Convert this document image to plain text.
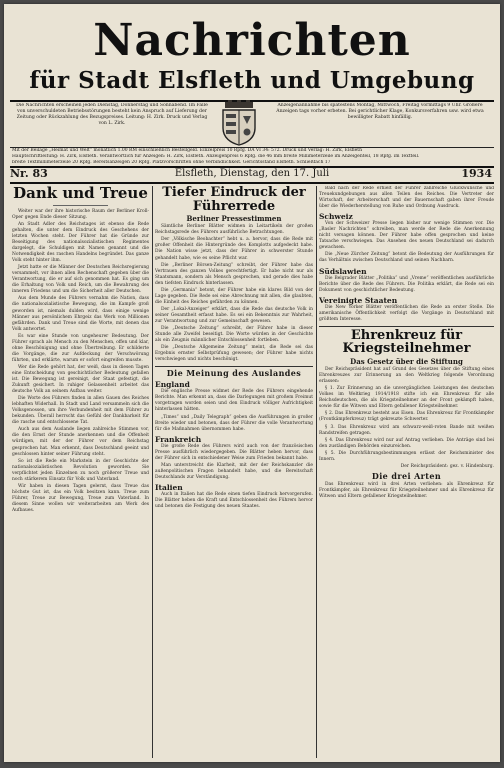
Nachrichten
für Stadt Elsfleth und Umgebung
Die Nachrichten erscheinen jeden Dienstag, Donnerstag und Sonnabend. Im Falle von unverschuldeten Betriebsstörungen besteht kein Anspruch auf Lieferung der Zeitung oder Rückzahlung des Bezugspreises. Leitung: H. Zirk. Druck und Verlag von L. Zirk.
Anzeigenannahme bis spätestens Montag, Mittwoch, Freitag vormittags 9 Uhr. Größere Anzeigen tags vorher erbeten. Bei gerichtlicher Klage, Konkursverfahren usw. wird etwa bewilligter Rabatt hinfällig.
Mit der Beilage „Heimat und Welt“ monatlich 1.00 RM einschließlich Bestellgeld. Einzelpreis 10 Rpfg. DA VI 34: 572. Druck und Verlag: H. Zirk, Elsfleth
Hauptschriftleitung: H. Zirk, Elsfleth. Verantwortlich für Anzeigen: H. Zirk, Elsfleth. Anzeigenpreis 6 Rpfg. die 46 mm breite Millimeterzeile im Anzeigenteil, 18 Rpfg. im Textteil.
breite Textmillimeterzeile 20 Rpfg. Bereitsanzeigen 20 Rpfg. Platzvorschriften ohne Verbindlichkeit. Gerichtsstand Elsfleth. Schließfach 17
Elsfleth, Dienstag, den 17. Juli
Nr. 83	1934
Dank und Treue

Weiter war der ihre historische Raum der Berliner Kroll-Oper gegen Ende dieser Sitzung.

An Stadt Adler des Reichstages ist ebenso die Rede gehalten, die unter dem Eindruck des Geschehens der letzten Wochen steht. Der Führer hat die Gründe zur Beseitigung des nationalsozialistischen Regimentes dargelegt, die Schuldigen mit Namen genannt und die Notwendigkeit des raschen Handelns begründet. Das ganze Volk steht hinter ihm.

Jetzt hatte er die Männer der Deutschen Reichsregierung versammelt, vor ihnen allen Rechenschaft gegeben über die Verantwortung, die er auf sich genommen hat. Es ging um die Erhaltung von Volk und Reich, um die Bewahrung des inneren Friedens und um die Sicherheit aller Deutschen.

Aus dem Munde des Führers vernahm die Nation, dass die nationalsozialistische Bewegung, die im Kampfe groß geworden ist, niemals dulden wird, dass einige wenige Männer aus persönlichem Ehrgeiz das Werk von Millionen gefährden. Dank und Treue sind die Worte, mit denen das Volk antwortet.

Es war eine Stunde von ungeheurer Bedeutung. Der Führer sprach als Mensch zu den Menschen, offen und klar, ohne Beschönigung und ohne Übertreibung. Er schilderte die Vorgänge, die zur Aufdeckung der Verschwörung führten, und erklärte, warum er sofort eingreifen musste.

Wer die Rede gehört hat, der weiß, dass in diesen Tagen eine Entscheidung von geschichtlicher Bedeutung gefallen ist. Die Bewegung ist gereinigt, der Staat gefestigt, die Zukunft gesichert. In ruhiger Gelassenheit arbeitet das deutsche Volk an seinem Aufbau weiter.

Die Worte des Führers finden in allen Gauen des Reiches lebhaften Widerhall. In Stadt und Land versammeln sich die Volksgenossen, um ihre Verbundenheit mit dem Führer zu bekunden. Überall herrscht das Gefühl der Dankbarkeit für die rasche und entschlossene Tat.

Auch aus dem Auslande liegen zahlreiche Stimmen vor, die den Ernst der Stunde anerkennen und die Offenheit würdigen, mit der der Führer vor dem Reichstag gesprochen hat. Man erkennt, dass Deutschland geeint und geschlossen hinter seiner Führung steht.

So ist die Rede ein Markstein in der Geschichte der nationalsozialistischen Revolution geworden. Sie verpflichtet jeden Einzelnen zu noch größerer Treue und noch stärkerem Einsatz für Volk und Vaterland.

Wir haben in diesen Tagen gelernt, dass Treue das höchste Gut ist, das ein Volk besitzen kann. Treue zum Führer, Treue zur Bewegung, Treue zum Vaterland. In diesem Sinne wollen wir weiterarbeiten am Werk des Aufbaues.

Tiefer Eindruck der Führerrede
Berliner Pressestimmen

Sämtliche Berliner Blätter widmen in Leitartikeln der großen Reichstagsrede des Führers ausführliche Betrachtungen.

Der „Völkische Beobachter“ hebt u. a. hervor, dass die Rede mit großer Offenheit die Hintergründe des Komplotts aufgedeckt habe. Die Nation wisse jetzt, dass der Führer in schwerster Stunde gehandelt habe, wie es seine Pflicht war.

Die „Berliner Börsen-Zeitung“ schreibt, der Führer habe das Vertrauen des ganzen Volkes gerechtfertigt. Er habe nicht nur als Staatsmann, sondern als Mensch gesprochen, und gerade dies habe den tiefsten Eindruck hinterlassen.

Die „Germania“ betont, der Führer habe ein klares Bild von der Lage gegeben. Die Rede sei eine Abrechnung mit allen, die glaubten, die Einheit des Reiches gefährden zu können.

Der „Lokal-Anzeiger“ erklärt, dass die Rede das deutsche Volk in seiner Gesamtheit erfasst habe. Es sei ein Bekenntnis zur Wahrheit, zur Verantwortung und zur Gemeinschaft gewesen.

Die „Deutsche Zeitung“ schreibt, der Führer habe in dieser Stunde alle Zweifel beseitigt. Die Worte würden in der Geschichte als ein Zeugnis männlicher Entschlossenheit fortleben.

Die „Deutsche Allgemeine Zeitung“ meint, die Rede sei das Ergebnis ernster Selbstprüfung gewesen; der Führer habe nichts verschwiegen und nichts beschönigt.

Die Meinung des Auslandes
England

Die englische Presse widmet der Rede des Führers eingehende Berichte. Man erkennt an, dass die Darlegungen mit großem Freimut vorgetragen worden seien und den Eindruck völliger Aufrichtigkeit hinterlassen hätten.

„Times“ und „Daily Telegraph“ geben die Ausführungen in großer Breite wieder und betonen, dass der Führer die volle Verantwortung für die Maßnahmen übernommen habe.

Frankreich

Die große Rede des Führers wird auch von der französischen Presse ausführlich wiedergegeben. Die Blätter heben hervor, dass der Führer sich in entschiedener Weise zum Frieden bekannt habe.

Man unterstreicht die Klarheit, mit der der Reichskanzler die außenpolitischen Fragen behandelt habe, und die Bereitschaft Deutschlands zur Verständigung.

Italien

Auch in Italien hat die Rede einen tiefen Eindruck hervorgerufen. Die Blätter heben die Kraft und Entschlossenheit des Führers hervor und betonen die Festigung des neuen Staates.

Bald nach der Rede erhielt der Führer zahlreiche Glückwünsche und Treuekundgebungen aus allen Teilen des Reiches. Die Vertreter der Wirtschaft, der Arbeiterschaft und der Bauernschaft gaben ihrer Freude über die Wiederherstellung von Ruhe und Ordnung Ausdruck.

Schweiz

Von der Schweizer Presse liegen bisher nur wenige Stimmen vor. Die „Basler Nachrichten“ schreiben, man werde der Rede die Anerkennung nicht versagen können. Der Führer habe offen gesprochen und keine Tatsache verschwiegen. Das Ansehen des neuen Deutschland sei dadurch gewachsen.

Die „Neue Zürcher Zeitung“ betont die Bedeutung der Ausführungen für das Verhältnis zwischen Deutschland und seinen Nachbarn.

Südslawien

Die Belgrader Blätter „Politika“ und „Vreme“ veröffentlichen ausführliche Berichte über die Rede des Führers. Die Politika erklärt, die Rede sei ein Dokument von geschichtlicher Bedeutung.

Vereinigte Staaten

Die New Yorker Blätter veröffentlichen die Rede an erster Stelle. Die amerikanische Öffentlichkeit verfolgt die Vorgänge in Deutschland mit größtem Interesse.

Ehrenkreuz für Kriegsteilnehmer
Das Gesetz über die Stiftung

Der Reichspräsident hat auf Grund des Gesetzes über die Stiftung eines Ehrenkreuzes zur Erinnerung an den Weltkrieg folgende Verordnung erlassen:

§ 1. Zur Erinnerung an die unvergänglichen Leistungen des deutschen Volkes im Weltkrieg 1914/1918 stifte ich ein Ehrenkreuz für alle Reichsdeutschen, die als Kriegsteilnehmer an der Front gekämpft haben, sowie für die Witwen und Eltern gefallener Kriegsteilnehmer.

§ 2. Das Ehrenkreuz besteht aus Eisen. Das Ehrenkreuz für Frontkämpfer (Frontkämpferkreuz) trägt gekreuzte Schwerter.

§ 3. Das Ehrenkreuz wird am schwarz-weiß-roten Bande mit weißen Randstreifen getragen.

§ 4. Das Ehrenkreuz wird nur auf Antrag verliehen. Die Anträge sind bei den zuständigen Behörden einzureichen.

§ 5. Die Durchführungsbestimmungen erlässt der Reichsminister des Innern.

Der Reichspräsident: gez. v. Hindenburg.

Die drei Arten

Das Ehrenkreuz wird in drei Arten verliehen: als Ehrenkreuz für Frontkämpfer, als Ehrenkreuz für Kriegsteilnehmer und als Ehrenkreuz für Witwen und Eltern gefallener Kriegsteilnehmer.
